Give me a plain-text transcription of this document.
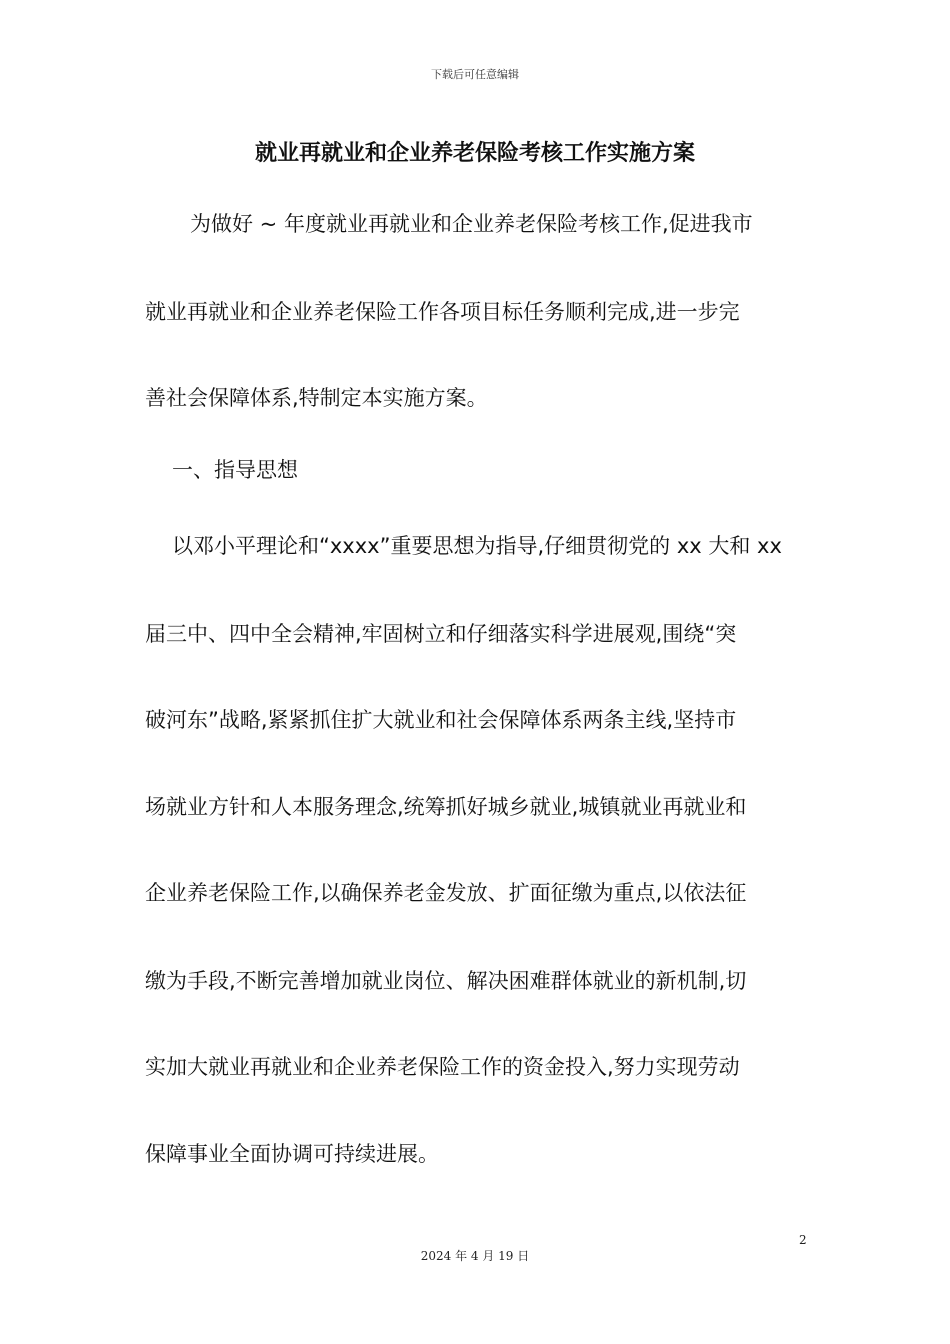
下载后可任意编辑
就业再就业和企业养老保险考核工作实施方案
为做好 ~ 年度就业再就业和企业养老保险考核工作,促进我市
就业再就业和企业养老保险工作各项目标任务顺利完成,进一步完
善社会保障体系,特制定本实施方案。
一、指导思想
以邓小平理论和“xxxx”重要思想为指导,仔细贯彻党的 xx 大和 xx
届三中、四中全会精神,牢固树立和仔细落实科学进展观,围绕“突
破河东”战略,紧紧抓住扩大就业和社会保障体系两条主线,坚持市
场就业方针和人本服务理念,统筹抓好城乡就业,城镇就业再就业和
企业养老保险工作,以确保养老金发放、扩面征缴为重点,以依法征
缴为手段,不断完善增加就业岗位、解决困难群体就业的新机制,切
实加大就业再就业和企业养老保险工作的资金投入,努力实现劳动
保障事业全面协调可持续进展。
2
2024 年 4 月 19 日
